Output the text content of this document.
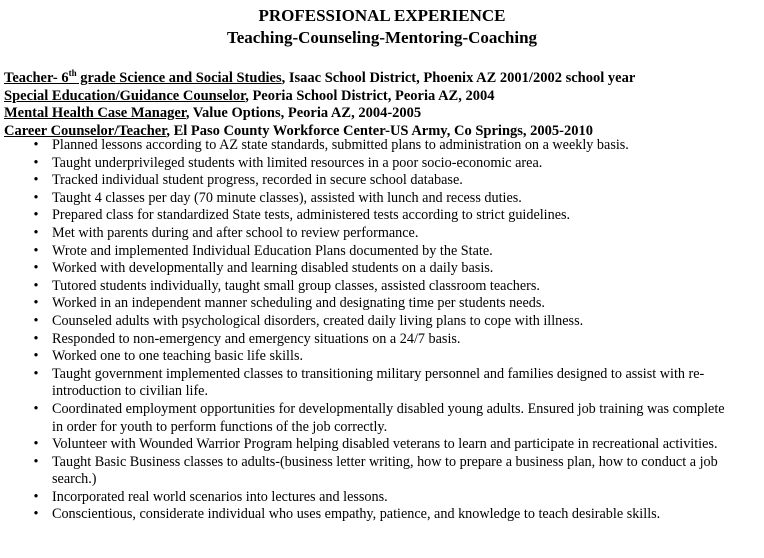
PROFESSIONAL EXPERIENCE
Teaching-Counseling-Mentoring-Coaching
Teacher- 6th grade Science and Social Studies, Isaac School District, Phoenix AZ 2001/2002 school year
Special Education/Guidance Counselor, Peoria School District, Peoria AZ, 2004
Mental Health Case Manager, Value Options, Peoria AZ, 2004-2005
Career Counselor/Teacher, El Paso County Workforce Center-US Army, Co Springs, 2005-2010
• Planned lessons according to AZ state standards, submitted plans to administration on a weekly basis.
• Taught underprivileged students with limited resources in a poor socio-economic area.
• Tracked individual student progress, recorded in secure school database.
• Taught 4 classes per day (70 minute classes), assisted with lunch and recess duties.
• Prepared class for standardized State tests, administered tests according to strict guidelines.
• Met with parents during and after school to review performance.
• Wrote and implemented Individual Education Plans documented by the State.
• Worked with developmentally and learning disabled students on a daily basis.
• Tutored students individually, taught small group classes, assisted classroom teachers.
• Worked in an independent manner scheduling and designating time per students needs.
• Counseled adults with psychological disorders, created daily living plans to cope with illness.
• Responded to non-emergency and emergency situations on a 24/7 basis.
• Worked one to one teaching basic life skills.
• Taught government implemented classes to transitioning military personnel and families designed to assist with re-introduction to civilian life.
• Coordinated employment opportunities for developmentally disabled young adults. Ensured job training was complete in order for youth to perform functions of the job correctly.
• Volunteer with Wounded Warrior Program helping disabled veterans to learn and participate in recreational activities.
• Taught Basic Business classes to adults-(business letter writing, how to prepare a business plan, how to conduct a job search.)
• Incorporated real world scenarios into lectures and lessons.
• Conscientious, considerate individual who uses empathy, patience, and knowledge to teach desirable skills.
